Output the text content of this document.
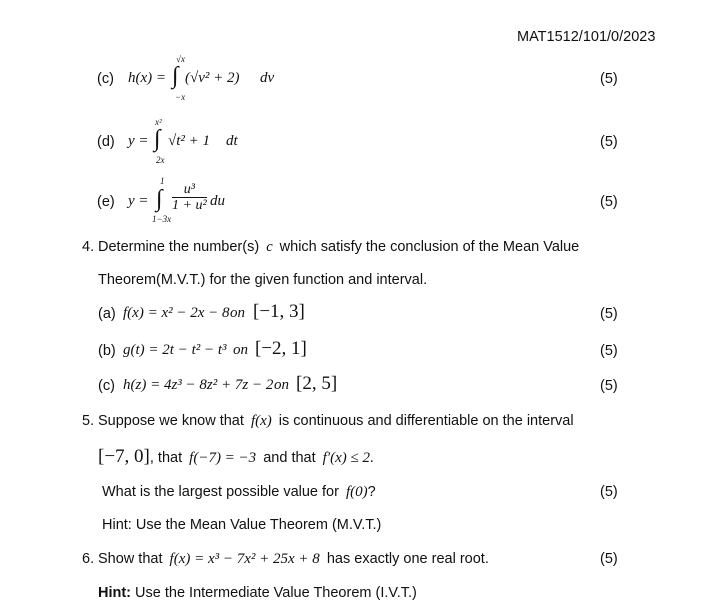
MAT1512/101/0/2023
(c) h(x) =
√x
∫
−x
(√v² + 2) dv	(5)
(d) y =
x²
∫
2x
√t² + 1 dt	(5)
(e) y =
1
∫
1−3x
$\frac{\text{u³}}{\text{1 + u²}}$ du	(5)
4. Determine the number(s) c which satisfy the conclusion of the Mean Value
Theorem(M.V.T.) for the given function and interval.
(a) f(x) = x² − 2x − 8 on [−1, 3]	(5)
(b) g(t) = 2t − t² − t³ on [−2, 1]	(5)
(c) h(z) = 4z³ − 8z² + 7z − 2 on [2, 5]	(5)
5. Suppose we know that f(x) is continuous and differentiable on the interval
[−7, 0], that f(−7) = −3 and that f′(x) ≤ 2.
What is the largest possible value for f(0)?	(5)
Hint: Use the Mean Value Theorem (M.V.T.)
6. Show that f(x) = x³ − 7x² + 25x + 8 has exactly one real root.	(5)
Hint: Use the Intermediate Value Theorem (I.V.T.)
